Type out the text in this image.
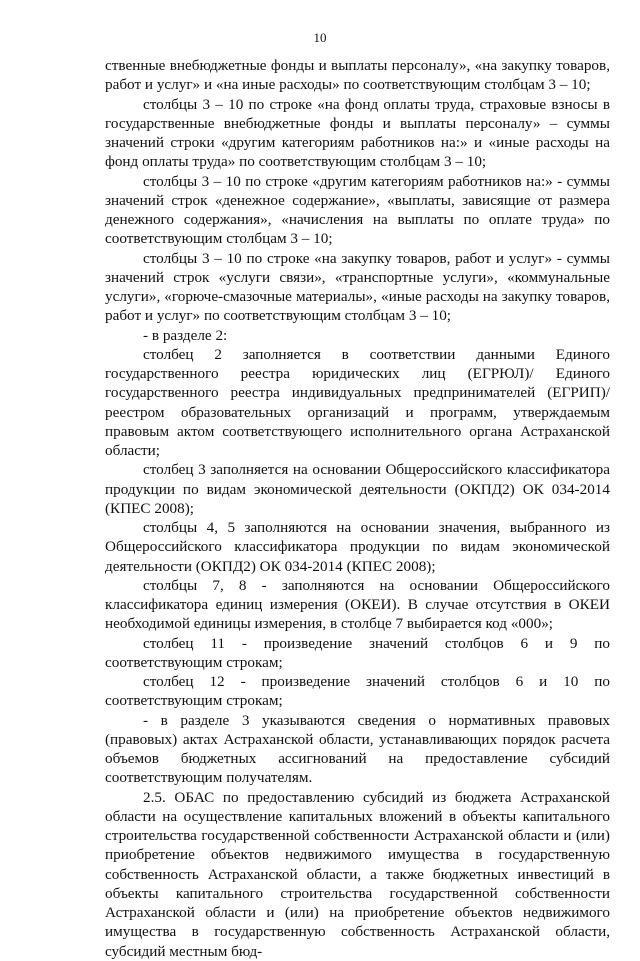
10

ственные внебюджетные фонды и выплаты персоналу», «на закупку товаров, работ и услуг» и «на иные расходы» по соответствующим столбцам 3 – 10;

столбцы 3 – 10 по строке «на фонд оплаты труда, страховые взносы в государственные внебюджетные фонды и выплаты персоналу» – суммы значений строки «другим категориям работников на:» и «иные расходы на фонд оплаты труда» по соответствующим столбцам 3 – 10;

столбцы 3 – 10 по строке «другим категориям работников на:» - суммы значений строк «денежное содержание», «выплаты, зависящие от размера денежного содержания», «начисления на выплаты по оплате труда» по соответствующим столбцам 3 – 10;

столбцы 3 – 10 по строке «на закупку товаров, работ и услуг» - суммы значений строк «услуги связи», «транспортные услуги», «коммунальные услуги», «горюче-смазочные материалы», «иные расходы на закупку товаров, работ и услуг» по соответствующим столбцам 3 – 10;

- в разделе 2:

столбец 2 заполняется в соответствии данными Единого государственного реестра юридических лиц (ЕГРЮЛ)/ Единого государственного реестра индивидуальных предпринимателей (ЕГРИП)/ реестром образовательных организаций и программ, утверждаемым правовым актом соответствующего исполнительного органа Астраханской области;

столбец 3 заполняется на основании Общероссийского классификатора продукции по видам экономической деятельности (ОКПД2) ОК 034-2014 (КПЕС 2008);

столбцы 4, 5 заполняются на основании значения, выбранного из Общероссийского классификатора продукции по видам экономической деятельности (ОКПД2) ОК 034-2014 (КПЕС 2008);

столбцы 7, 8 - заполняются на основании Общероссийского классификатора единиц измерения (ОКЕИ). В случае отсутствия в ОКЕИ необходимой единицы измерения, в столбце 7 выбирается код «000»;

столбец 11 - произведение значений столбцов 6 и 9 по соответствующим строкам;

столбец 12 - произведение значений столбцов 6 и 10 по соответствующим строкам;

- в разделе 3 указываются сведения о нормативных правовых (правовых) актах Астраханской области, устанавливающих порядок расчета объемов бюджетных ассигнований на предоставление субсидий соответствующим получателям.

2.5. ОБАС по предоставлению субсидий из бюджета Астраханской области на осуществление капитальных вложений в объекты капитального строительства государственной собственности Астраханской области и (или) приобретение объектов недвижимого имущества в государственную собственность Астраханской области, а также бюджетных инвестиций в объекты капитального строительства государственной собственности Астраханской области и (или) на приобретение объектов недвижимого имущества в государственную собственность Астраханской области, субсидий местным бюд-
